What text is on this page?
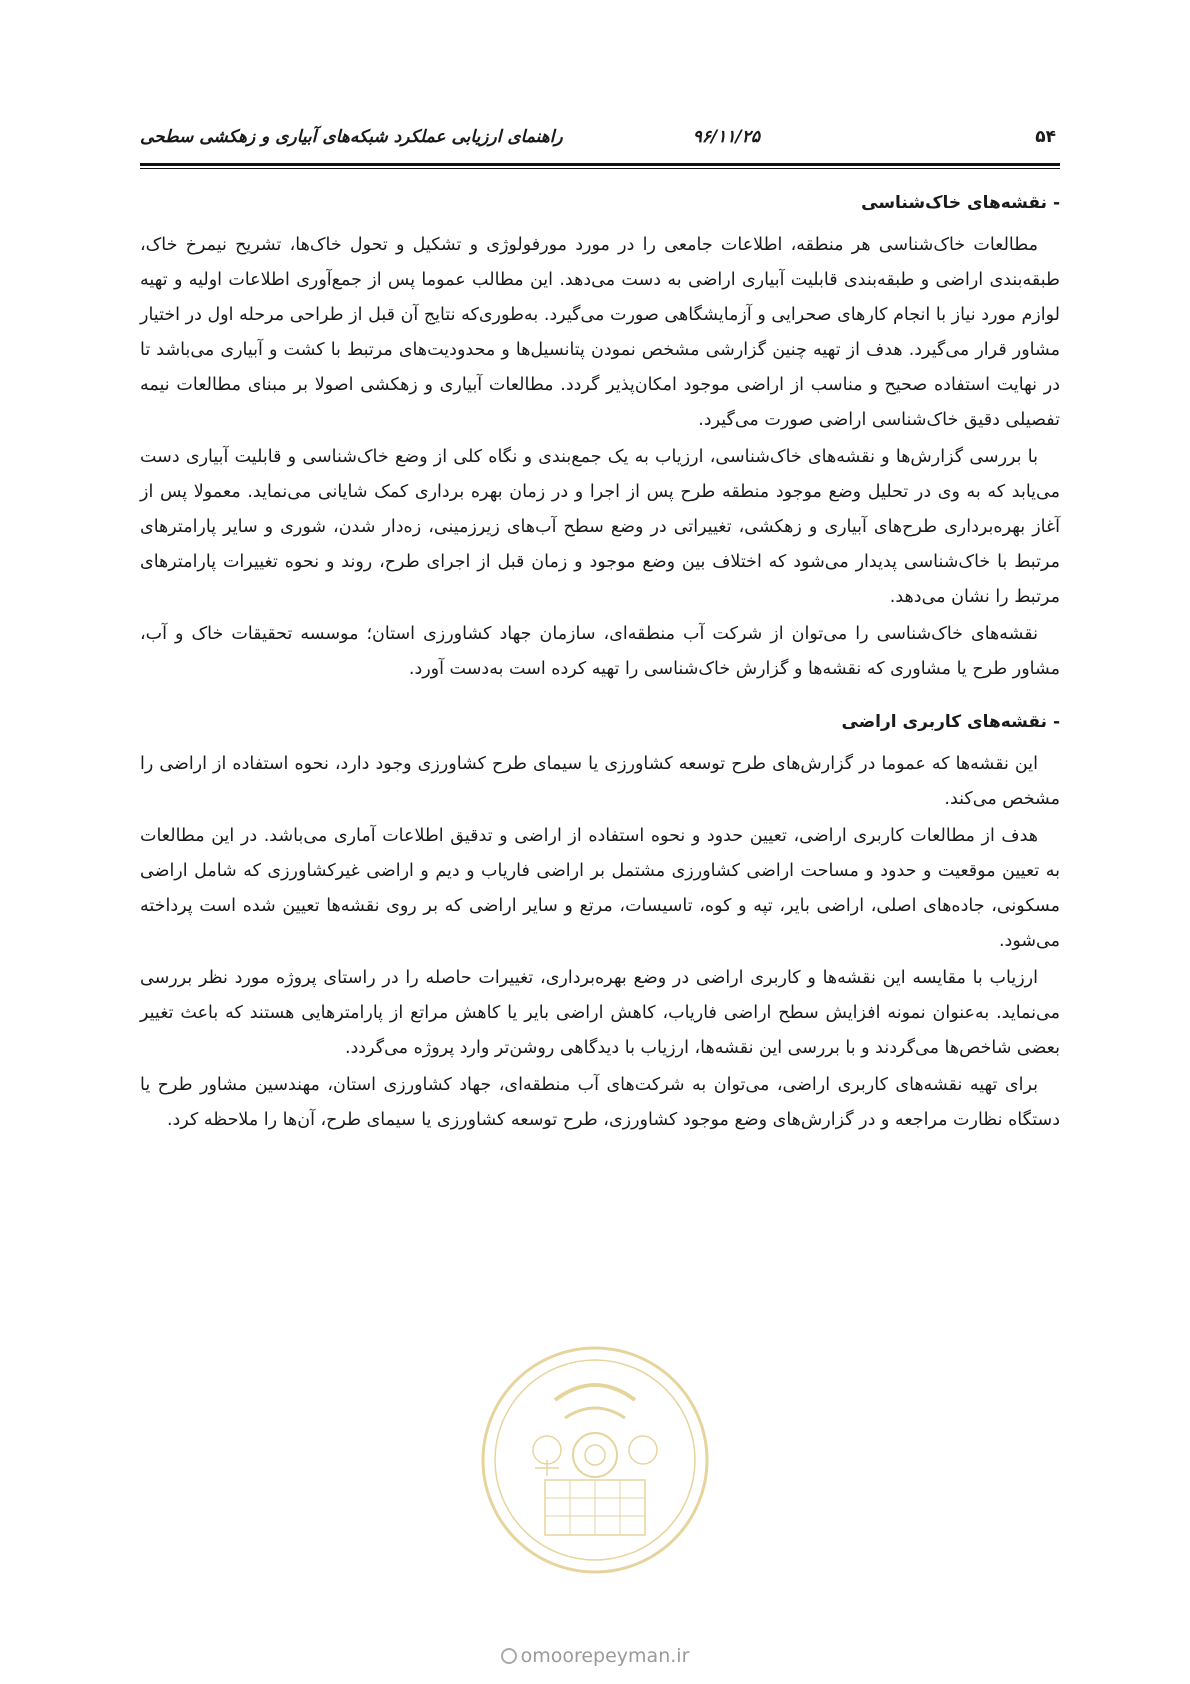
۵۴
۹۶/۱۱/۲۵
راهنمای ارزیابی عملکرد شبکه‌های آبیاری و زهکشی سطحی

- نقشه‌های خاک‌شناسی

مطالعات خاک‌شناسی هر منطقه، اطلاعات جامعی را در مورد مورفولوژی و تشکیل و تحول خاک‌ها، تشریح نیمرخ خاک، طبقه‌بندی اراضی و طبقه‌بندی قابلیت آبیاری اراضی به دست می‌دهد. این مطالب عموما پس از جمع‌آوری اطلاعات اولیه و تهیه لوازم مورد نیاز با انجام کارهای صحرایی و آزمایشگاهی صورت می‌گیرد. به‌طوری‌که نتایج آن قبل از طراحی مرحله اول در اختیار مشاور قرار می‌گیرد. هدف از تهیه چنین گزارشی مشخص نمودن پتانسیل‌ها و محدودیت‌های مرتبط با کشت و آبیاری می‌باشد تا در نهایت استفاده صحیح و مناسب از اراضی موجود امکان‌پذیر گردد. مطالعات آبیاری و زهکشی اصولا بر مبنای مطالعات نیمه تفصیلی دقیق خاک‌شناسی اراضی صورت می‌گیرد.

با بررسی گزارش‌ها و نقشه‌های خاک‌شناسی، ارزیاب به یک جمع‌بندی و نگاه کلی از وضع خاک‌شناسی و قابلیت آبیاری دست می‌یابد که به وی در تحلیل وضع موجود منطقه طرح پس از اجرا و در زمان بهره برداری کمک شایانی می‌نماید. معمولا پس از آغاز بهره‌برداری طرح‌های آبیاری و زهکشی، تغییراتی در وضع سطح آب‌های زیرزمینی، زه‌دار شدن، شوری و سایر پارامترهای مرتبط با خاک‌شناسی پدیدار می‌شود که اختلاف بین وضع موجود و زمان قبل از اجرای طرح، روند و نحوه تغییرات پارامترهای مرتبط را نشان می‌دهد.

نقشه‌های خاک‌شناسی را می‌توان از شرکت آب منطقه‌ای، سازمان جهاد کشاورزی استان؛ موسسه تحقیقات خاک و آب، مشاور طرح یا مشاوری که نقشه‌ها و گزارش خاک‌شناسی را تهیه کرده است به‌دست آورد.

- نقشه‌های کاربری اراضی

این نقشه‌ها که عموما در گزارش‌های طرح توسعه کشاورزی یا سیمای طرح کشاورزی وجود دارد، نحوه استفاده از اراضی را مشخص می‌کند.

هدف از مطالعات کاربری اراضی، تعیین حدود و نحوه استفاده از اراضی و تدقیق اطلاعات آماری می‌باشد. در این مطالعات به تعیین موقعیت و حدود و مساحت اراضی کشاورزی مشتمل بر اراضی فاریاب و دیم و اراضی غیرکشاورزی که شامل اراضی مسکونی، جاده‌های اصلی، اراضی بایر، تپه و کوه، تاسیسات، مرتع و سایر اراضی که بر روی نقشه‌ها تعیین شده است پرداخته می‌شود.

ارزیاب با مقایسه این نقشه‌ها و کاربری اراضی در وضع بهره‌برداری، تغییرات حاصله را در راستای پروژه مورد نظر بررسی می‌نماید. به‌عنوان نمونه افزایش سطح اراضی فاریاب، کاهش اراضی بایر یا کاهش مراتع از پارامترهایی هستند که باعث تغییر بعضی شاخص‌ها می‌گردند و با بررسی این نقشه‌ها، ارزیاب با دیدگاهی روشن‌تر وارد پروژه می‌گردد.

برای تهیه نقشه‌های کاربری اراضی، می‌توان به شرکت‌های آب منطقه‌ای، جهاد کشاورزی استان، مهندسین مشاور طرح یا دستگاه نظارت مراجعه و در گزارش‌های وضع موجود کشاورزی، طرح توسعه کشاورزی یا سیمای طرح، آن‌ها را ملاحظه کرد.

omoorepeyman.ir
